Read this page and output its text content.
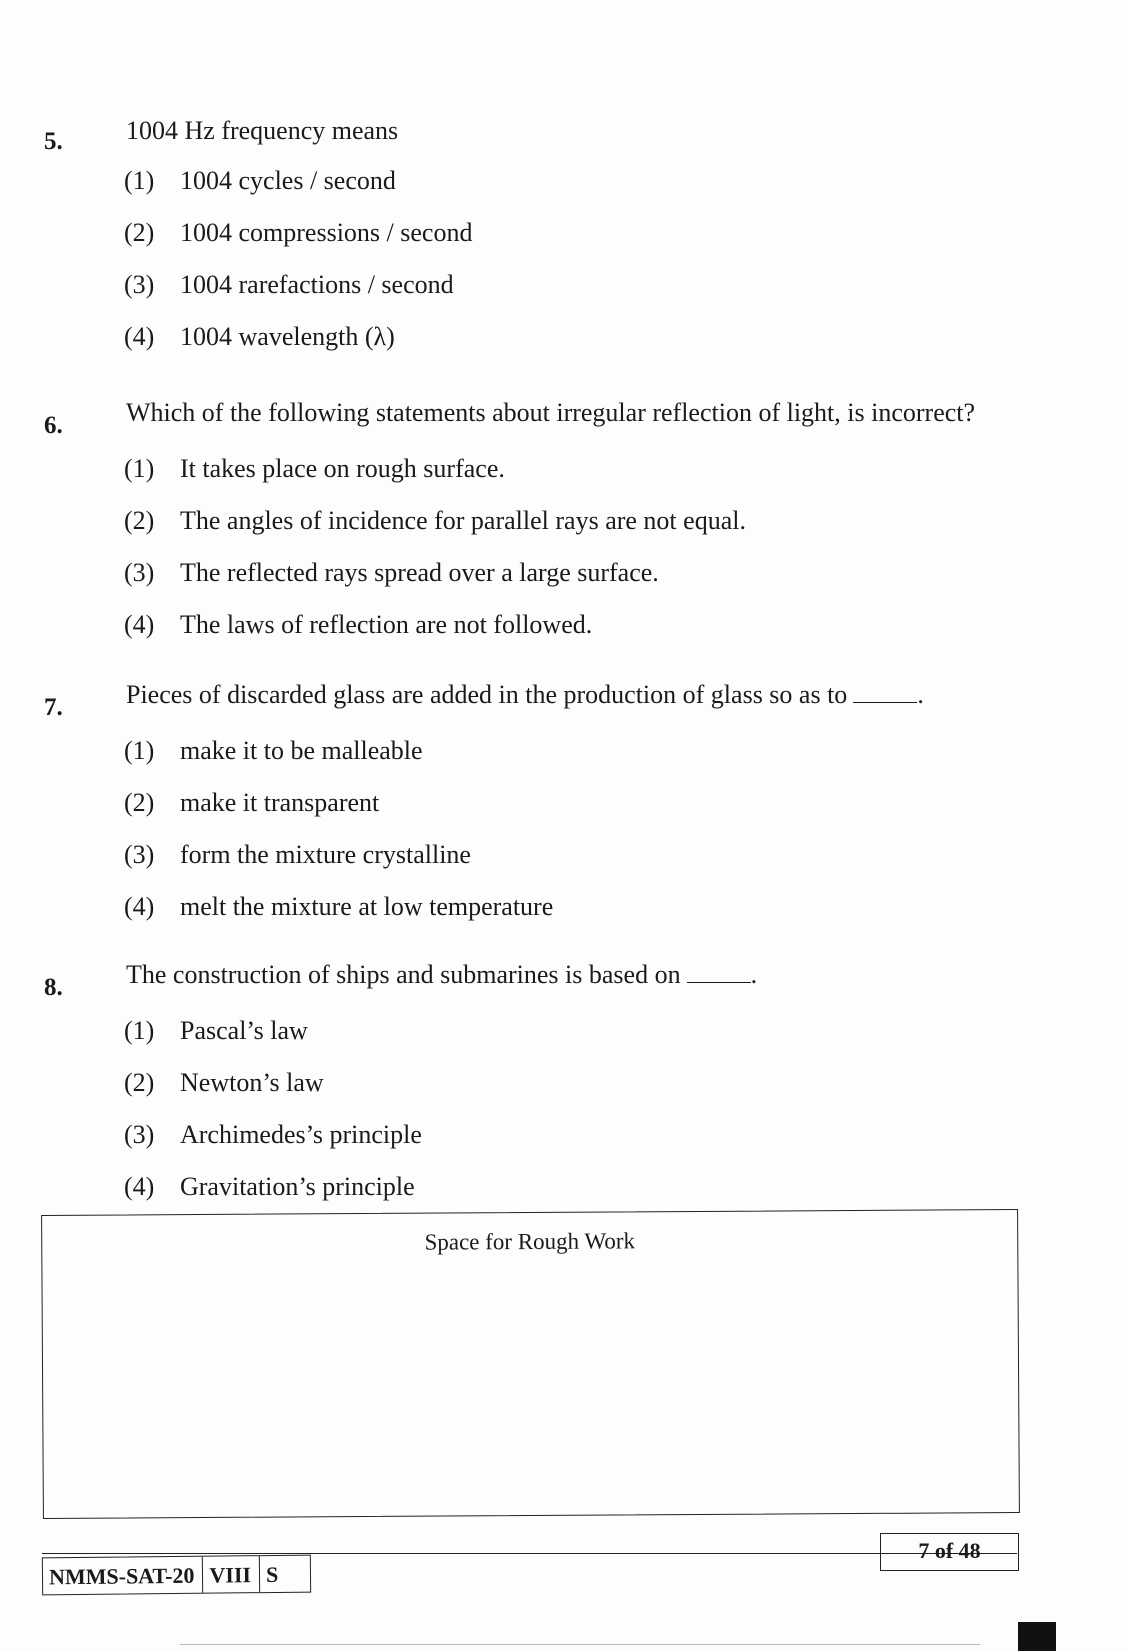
5. 1004 Hz frequency means
(1) 1004 cycles / second
(2) 1004 compressions / second
(3) 1004 rarefactions / second
(4) 1004 wavelength (λ)
6. Which of the following statements about irregular reflection of light, is incorrect?
(1) It takes place on rough surface.
(2) The angles of incidence for parallel rays are not equal.
(3) The reflected rays spread over a large surface.
(4) The laws of reflection are not followed.
7. Pieces of discarded glass are added in the production of glass so as to	.
(1) make it to be malleable
(2) make it transparent
(3) form the mixture crystalline
(4) melt the mixture at low temperature
8. The construction of ships and submarines is based on	.
(1) Pascal’s law
(2) Newton’s law
(3) Archimedes’s principle
(4) Gravitation’s principle
Space for Rough Work
NMMS-SAT-20 VIII S
7 of 48
